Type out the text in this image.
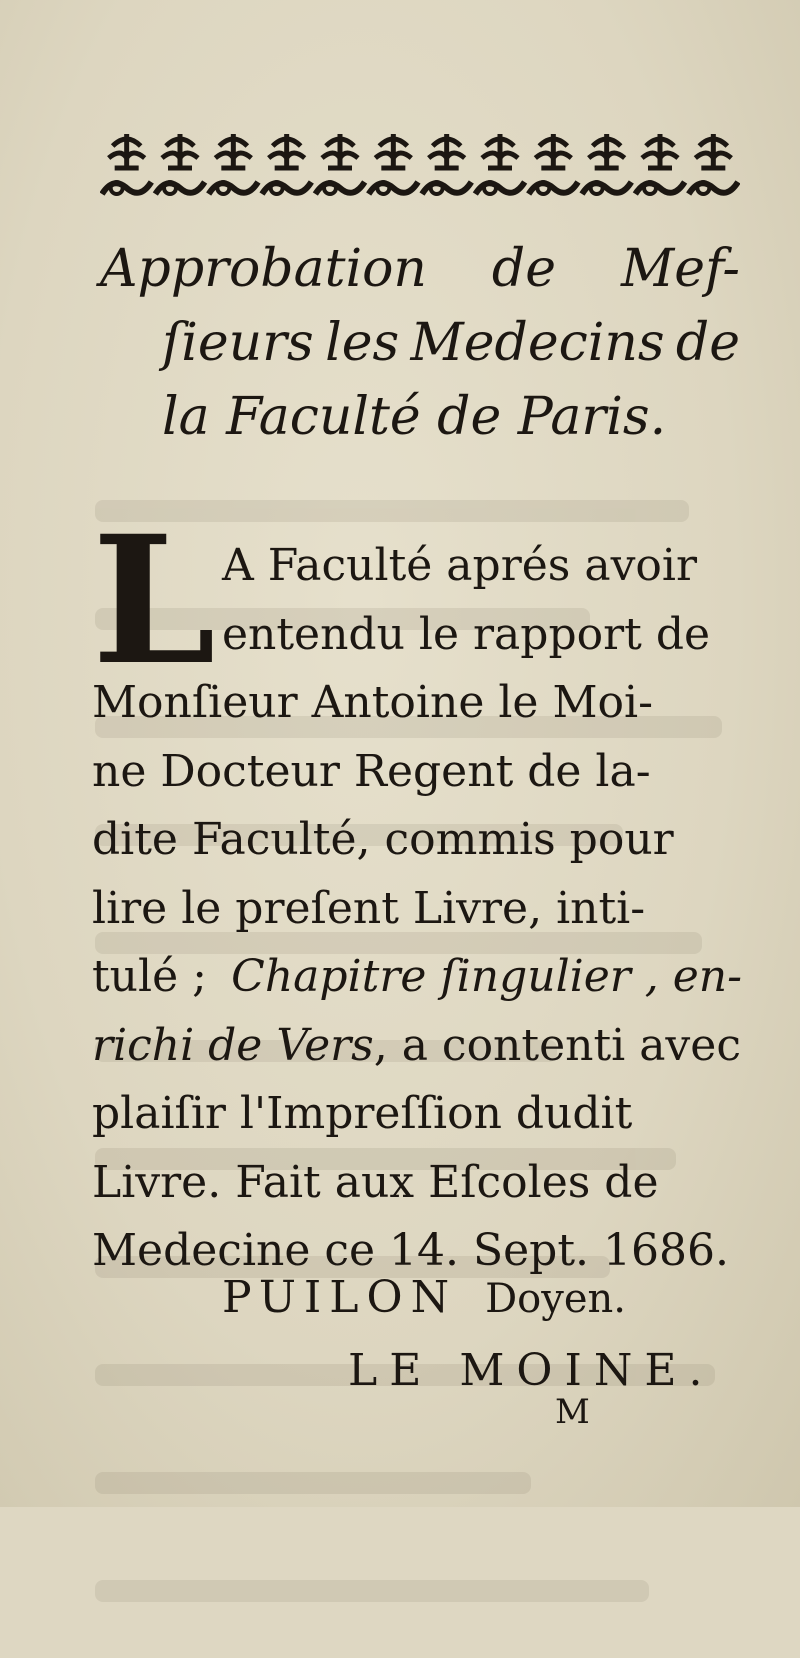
Approbation de Mef-
ſieurs les Medecins de
la Faculté de Paris.
L A Faculté aprés avoir
entendu le rapport de
Monſieur Antoine le Moi-
ne Docteur Regent de la-
dite Faculté, commis pour
lire le preſent Livre, inti-
tulé ; Chapitre ſingulier , en-
richi de Vers, a contenti avec
plaiſir l'Impreſſion dudit
Livre. Fait aux Eſcoles de
Medecine ce 14. Sept. 1686.
PUILON Doyen.
LE MOINE.
M
